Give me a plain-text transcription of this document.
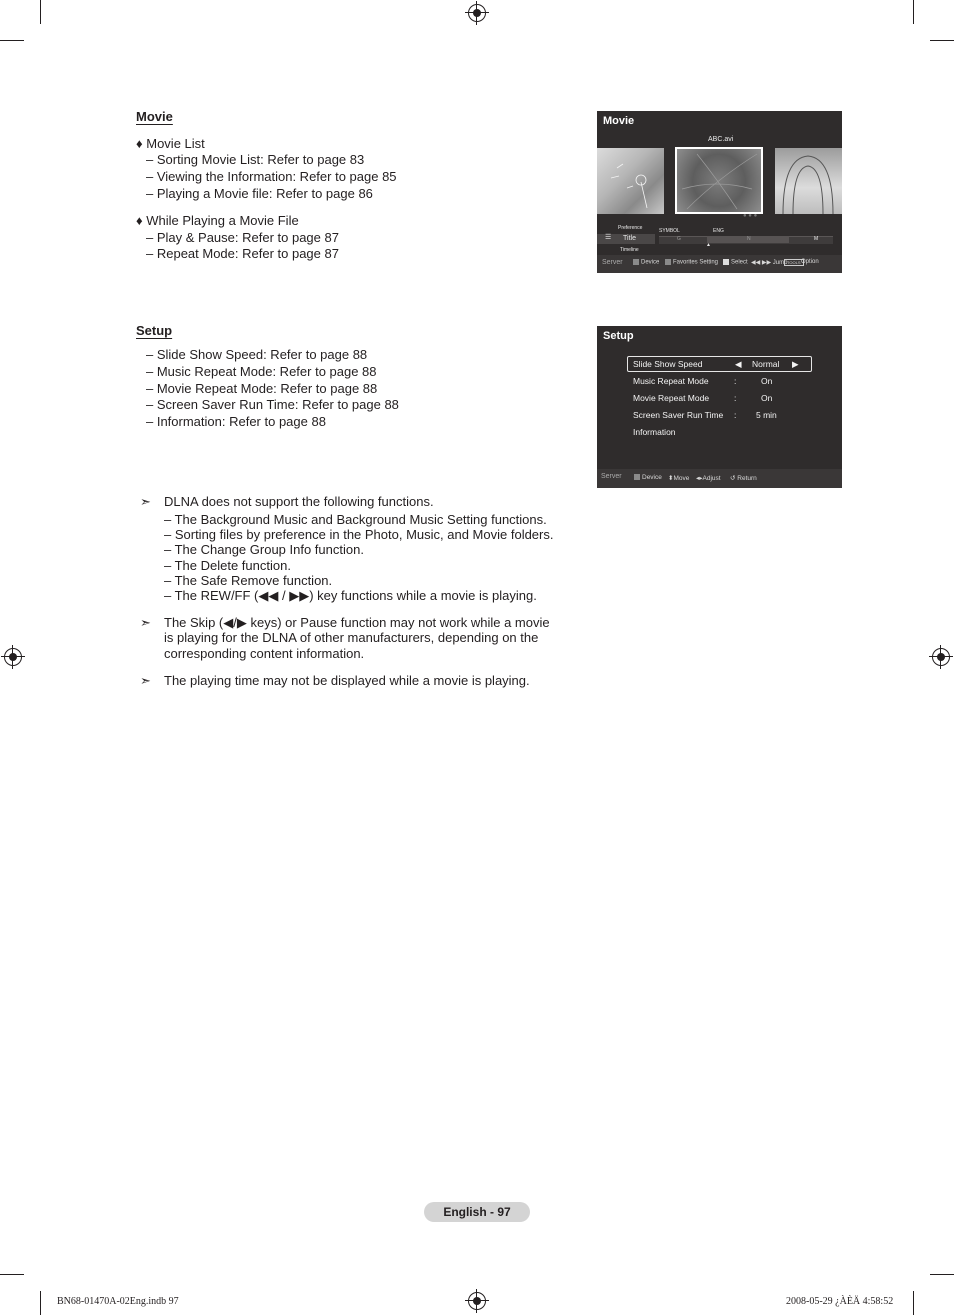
Movie
♦ Movie List
– Sorting Movie List: Refer to page 83
– Viewing the Information: Refer to page 85
– Playing a Movie file: Refer to page 86
♦ While Playing a Movie File
– Play & Pause: Refer to page 87
– Repeat Mode: Refer to page 87
Movie
ABC.avi
● ● ●
Preference
☰ Title
Timeline
SYMBOL	ENG
G	N	M
▲
Server	Device	Favorites Setting	Select ◀◀ ▶▶ Jump TOOLS Option
Setup
– Slide Show Speed: Refer to page 88
– Music Repeat Mode: Refer to page 88
– Movie Repeat Mode: Refer to page 88
– Screen Saver Run Time: Refer to page 88
– Information: Refer to page 88
Setup
Slide Show Speed	◀ Normal ▶
Music Repeat Mode	:	On
Movie Repeat Mode	:	On
Screen Saver Run Time : 5 min
Information
Server	Device ⬍Move ◂▸Adjust ↺ Return
➣ DLNA does not support the following functions.
– The Background Music and Background Music Setting functions.
– Sorting files by preference in the Photo, Music, and Movie folders.
– The Change Group Info function.
– The Delete function.
– The Safe Remove function.
– The REW/FF (◀◀ / ▶▶) key functions while a movie is playing.
➣ The Skip (◀/▶ keys) or Pause function may not work while a movie is playing for the DLNA of other manufacturers, depending on the corresponding content information.
➣ The playing time may not be displayed while a movie is playing.
English - 97
BN68-01470A-02Eng.indb 97	2008-05-29 ¿ÀÈÄ 4:58:52
